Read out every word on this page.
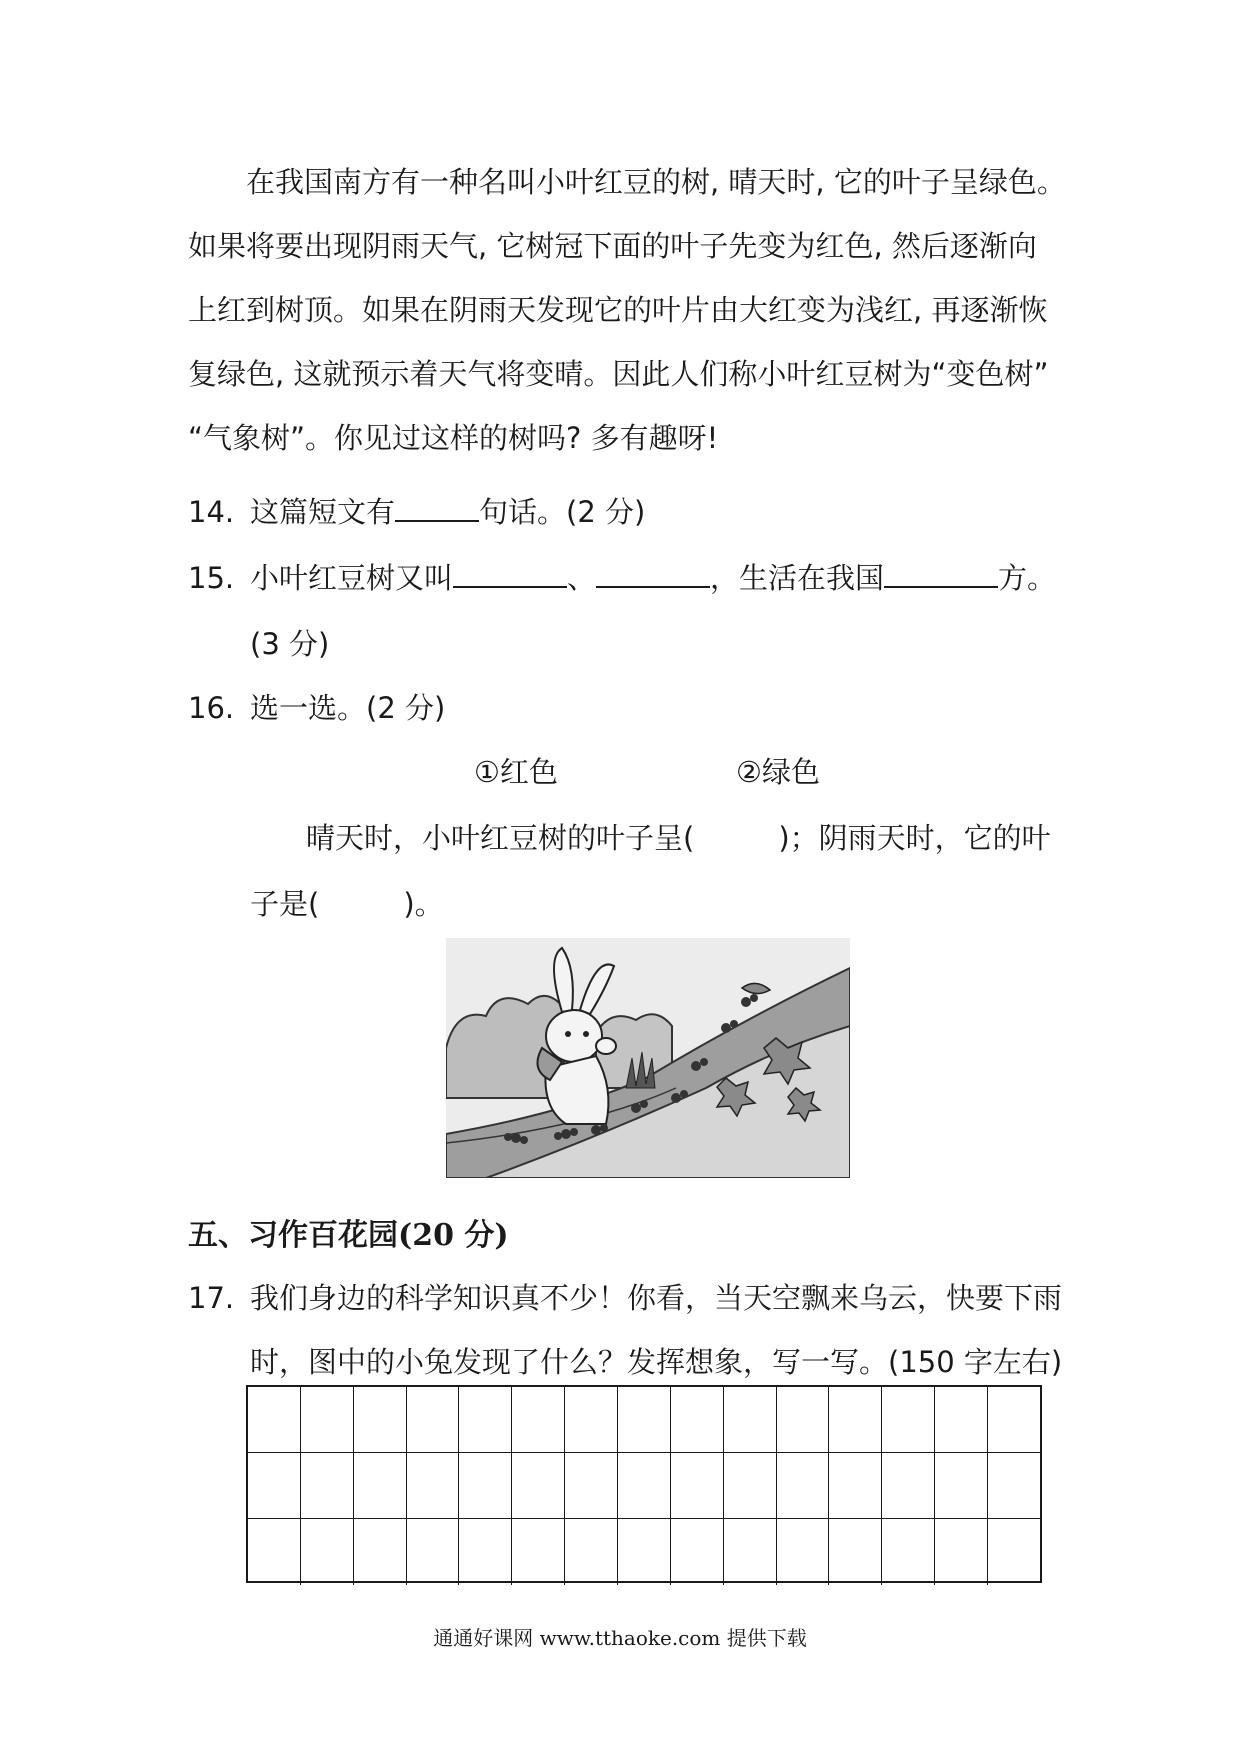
在我国南方有一种名叫小叶红豆的树, 晴天时, 它的叶子呈绿色。

如果将要出现阴雨天气, 它树冠下面的叶子先变为红色, 然后逐渐向

上红到树顶。如果在阴雨天发现它的叶片由大红变为浅红, 再逐渐恢

复绿色, 这就预示着天气将变晴。因此人们称小叶红豆树为“变色树”

“气象树”。你见过这样的树吗? 多有趣呀!

14. 这篇短文有	句话。(2 分)
15. 小叶红豆树又叫	、	，生活在我国	方。
(3 分)
16. 选一选。(2 分)
①红色	②绿色
晴天时，小叶红豆树的叶子呈(	)；阴雨天时，它的叶
子是(	)。
五、习作百花园(20 分)
17. 我们身边的科学知识真不少！你看，当天空飘来乌云，快要下雨
时，图中的小兔发现了什么？发挥想象，写一写。(150 字左右)
通通好课网 www.tthaoke.com 提供下载
